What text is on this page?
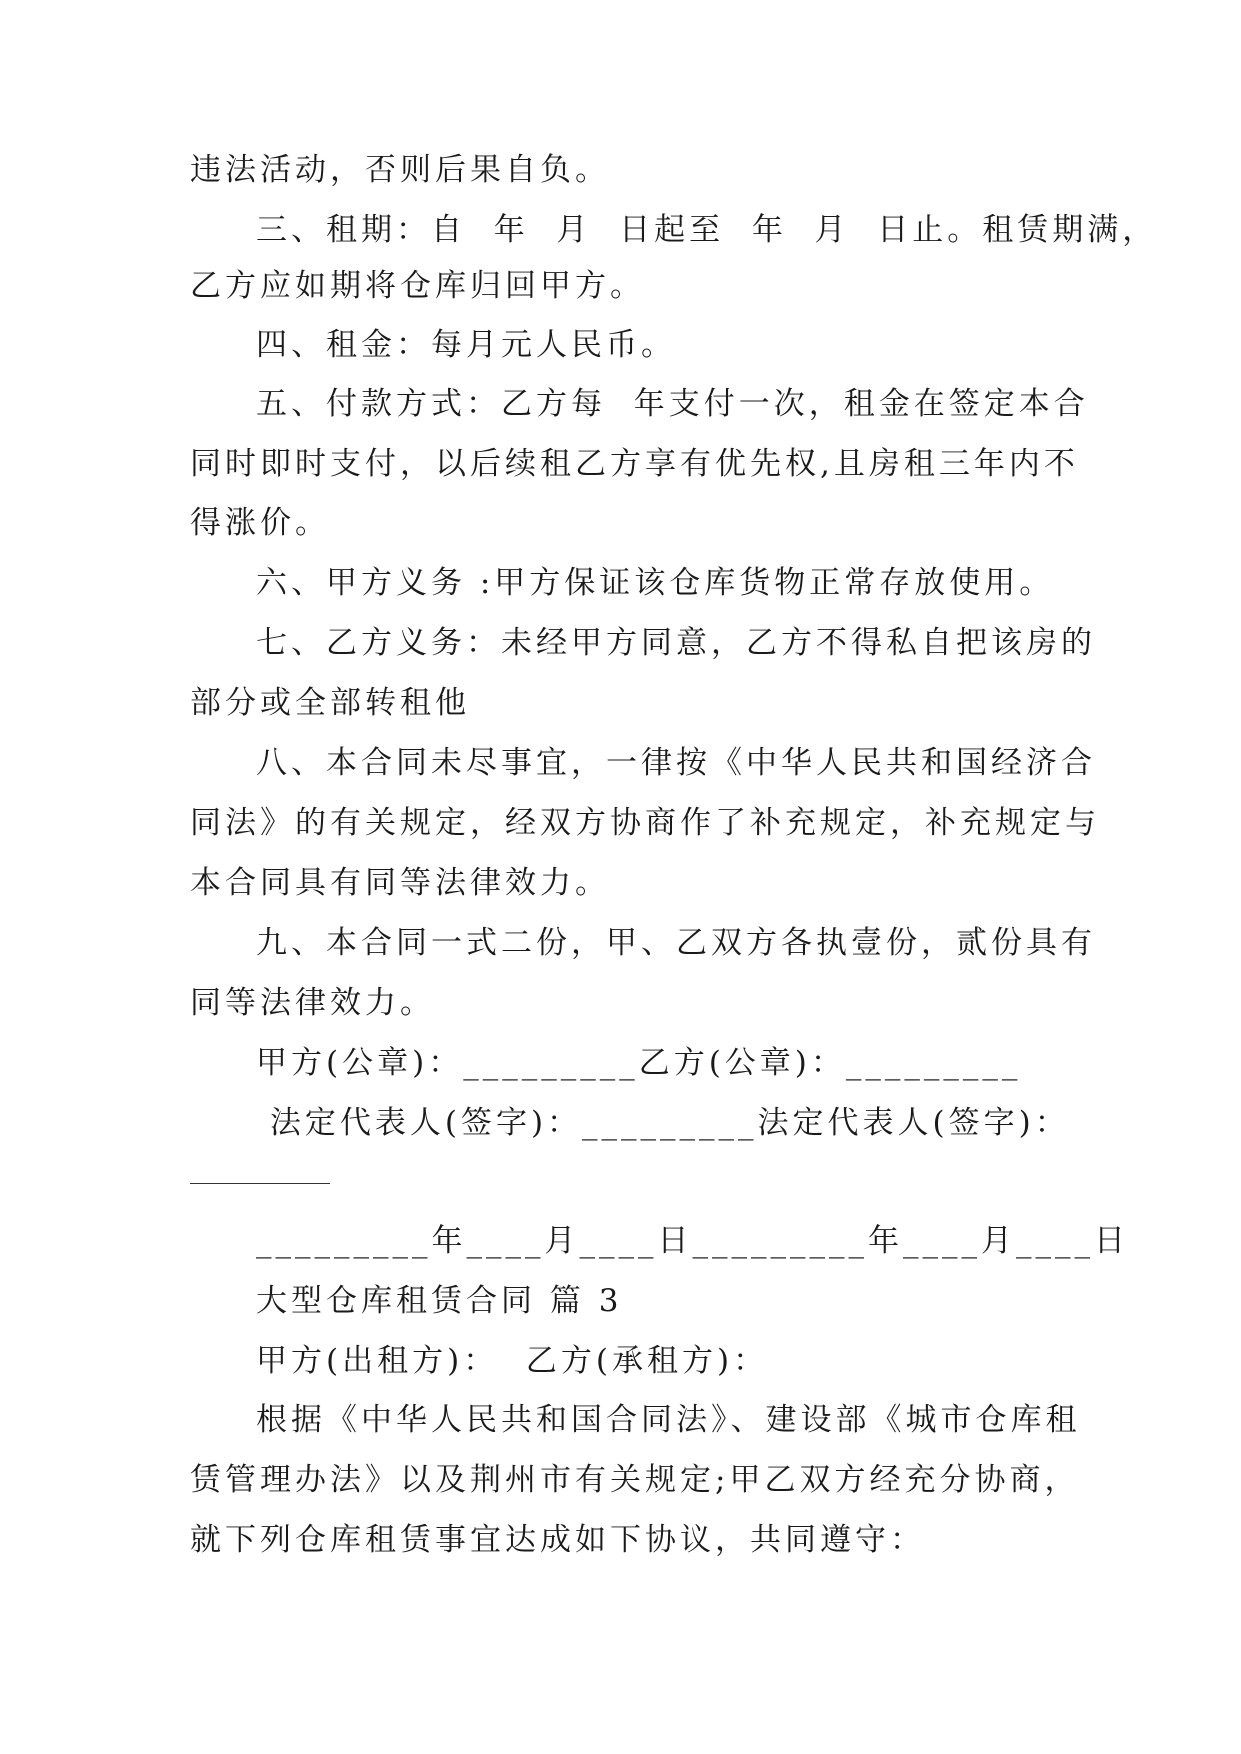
违法活动，否则后果自负。
三、租期：自  年  月  日起至  年  月  日止。租赁期满，
乙方应如期将仓库归回甲方。
四、租金：每月元人民币。
五、付款方式：乙方每  年支付一次，租金在签定本合
同时即时支付，以后续租乙方享有优先权,且房租三年内不
得涨价。
六、甲方义务 :甲方保证该仓库货物正常存放使用。
七、乙方义务：未经甲方同意，乙方不得私自把该房的
部分或全部转租他
八、本合同未尽事宜，一律按《中华人民共和国经济合
同法》的有关规定，经双方协商作了补充规定，补充规定与
本合同具有同等法律效力。
九、本合同一式二份，甲、乙双方各执壹份，贰份具有
同等法律效力。
甲方(公章)：_________乙方(公章)：_________
法定代表人(签字)：_________法定代表人(签字)：
_________年____月____日_________年____月____日
大型仓库租赁合同 篇 3
甲方(出租方)：  乙方(承租方)：
根据《中华人民共和国合同法》、建设部《城市仓库租
赁管理办法》以及荆州市有关规定;甲乙双方经充分协商，
就下列仓库租赁事宜达成如下协议，共同遵守：
